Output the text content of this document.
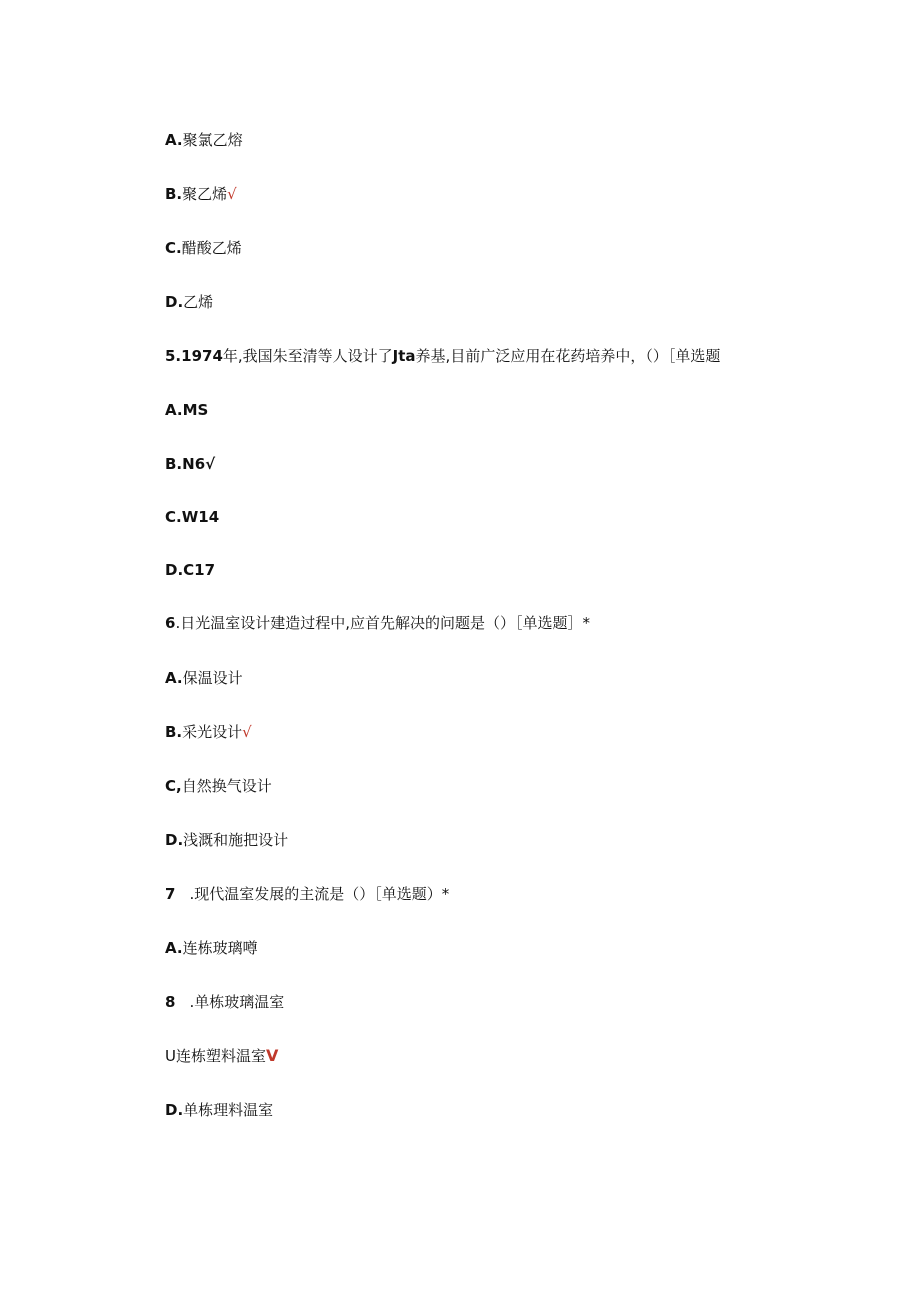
A.聚氯乙熔
B.聚乙烯√
C.醋酸乙烯
D.乙烯
5.1974年,我国朱至清等人设计了Jta养基,目前广泛应用在花药培养中，（）［单选题
A.MS
B.N6√
C.W14
D.C17
6.日光温室设计建造过程中,应首先解决的问题是（）［单选题］*
A.保温设计
B.采光设计√
C,自然换气设计
D.浅溉和施把设计
7 .现代温室发展的主流是（）［单选题）*
A.连栋玻璃噂
8 .单栋玻璃温室
U连栋塑料温室V
D.单栋理料温室
